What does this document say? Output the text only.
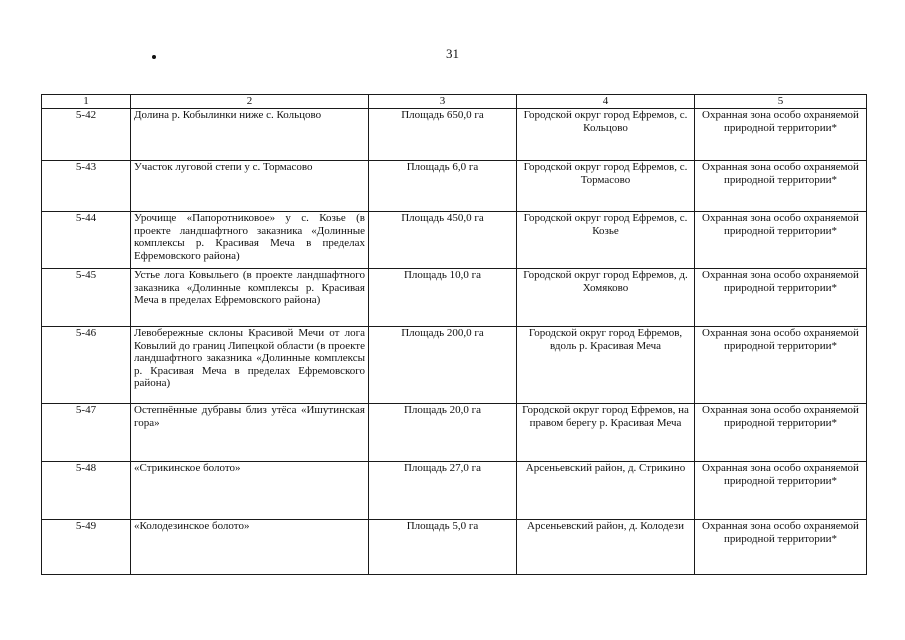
31
1	2	3	4	5
5-42	Долина р. Кобылинки ниже с. Кольцово	Площадь 650,0 га	Городской округ город Ефремов, с. Кольцово	Охранная зона особо охраняемой природной территории*
5-43	Участок луговой степи у с. Тормасово	Площадь 6,0 га	Городской округ город Ефремов, с. Тормасово	Охранная зона особо охраняемой природной территории*
5-44	Урочище «Папоротниковое» у с. Козье (в проекте ландшафтного заказника «Долинные комплексы р. Красивая Меча в пределах Ефремовского района)	Площадь 450,0 га	Городской округ город Ефремов, с. Козье	Охранная зона особо охраняемой природной территории*
5-45	Устье лога Ковыльего (в проекте ландшафтного заказника «Долинные комплексы р. Красивая Меча в пределах Ефремовского района)	Площадь 10,0 га	Городской округ город Ефремов, д. Хомяково	Охранная зона особо охраняемой природной территории*
5-46	Левобережные склоны Красивой Мечи от лога Ковылий до границ Липецкой области (в проекте ландшафтного заказника «Долинные комплексы р. Красивая Меча в пределах Ефремовского района)	Площадь 200,0 га	Городской округ город Ефремов, вдоль р. Красивая Меча	Охранная зона особо охраняемой природной территории*
5-47	Остепнённые дубравы близ утёса «Ишутинская гора»	Площадь 20,0 га	Городской округ город Ефремов, на правом берегу р. Красивая Меча	Охранная зона особо охраняемой природной территории*
5-48	«Стрикинское болото»	Площадь 27,0 га	Арсеньевский район, д. Стрикино	Охранная зона особо охраняемой природной территории*
5-49	«Колодезинское болото»	Площадь 5,0 га	Арсеньевский район, д. Колодези	Охранная зона особо охраняемой природной территории*
